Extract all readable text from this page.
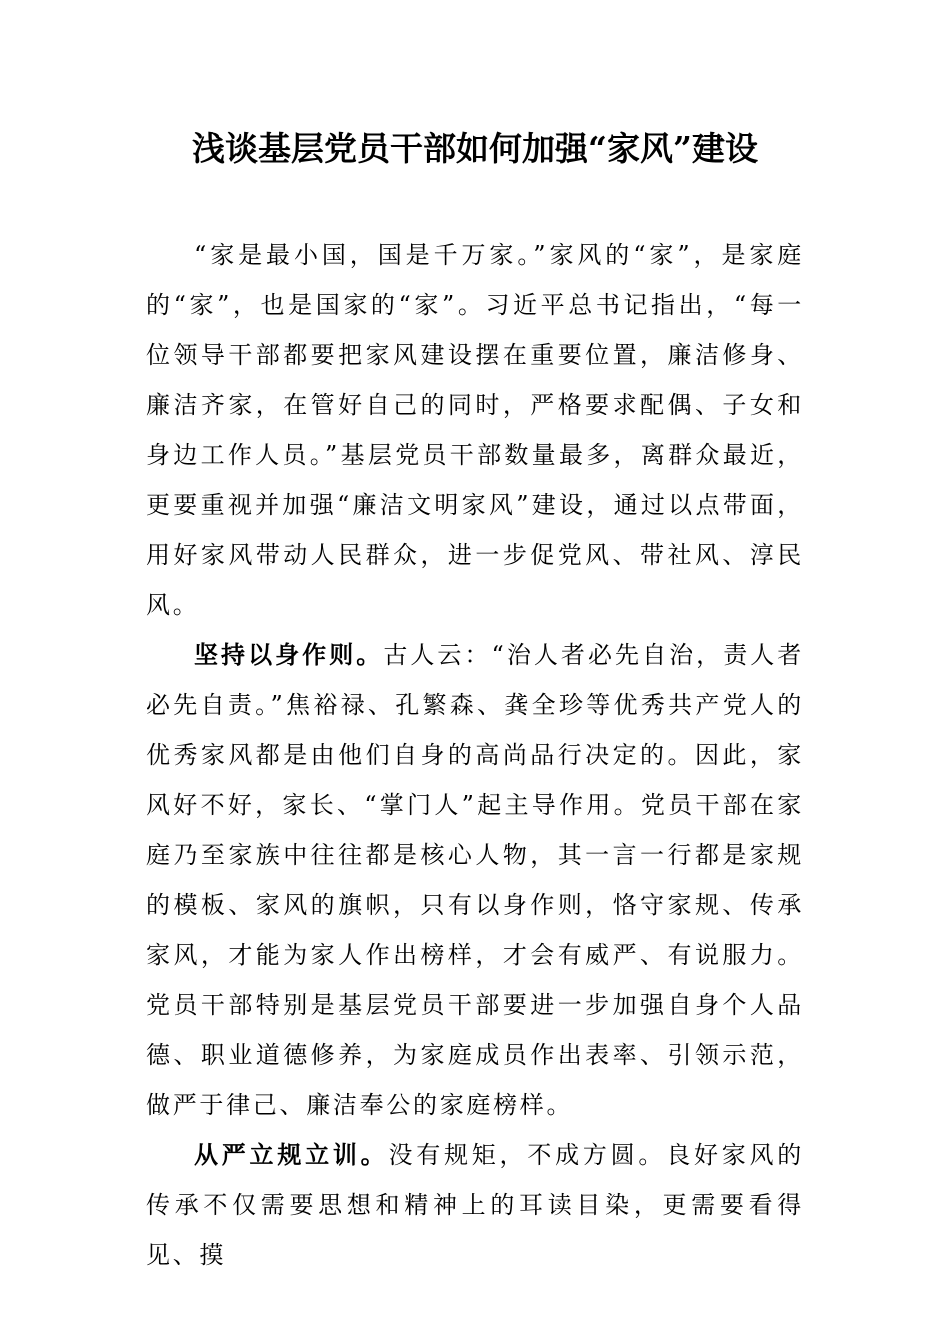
浅谈基层党员干部如何加强“家风”建设

“家是最小国，国是千万家。”家风的“家”，是家庭的“家”，也是国家的“家”。习近平总书记指出，“每一位领导干部都要把家风建设摆在重要位置，廉洁修身、廉洁齐家，在管好自己的同时，严格要求配偶、子女和身边工作人员。”基层党员干部数量最多，离群众最近，更要重视并加强“廉洁文明家风”建设，通过以点带面，用好家风带动人民群众，进一步促党风、带社风、淳民风。

坚持以身作则。古人云：“治人者必先自治，责人者必先自责。”焦裕禄、孔繁森、龚全珍等优秀共产党人的优秀家风都是由他们自身的高尚品行决定的。因此，家风好不好，家长、“掌门人”起主导作用。党员干部在家庭乃至家族中往往都是核心人物，其一言一行都是家规的模板、家风的旗帜，只有以身作则，恪守家规、传承家风，才能为家人作出榜样，才会有威严、有说服力。党员干部特别是基层党员干部要进一步加强自身个人品德、职业道德修养，为家庭成员作出表率、引领示范，做严于律己、廉洁奉公的家庭榜样。

从严立规立训。没有规矩，不成方圆。良好家风的传承不仅需要思想和精神上的耳读目染，更需要看得见、摸
